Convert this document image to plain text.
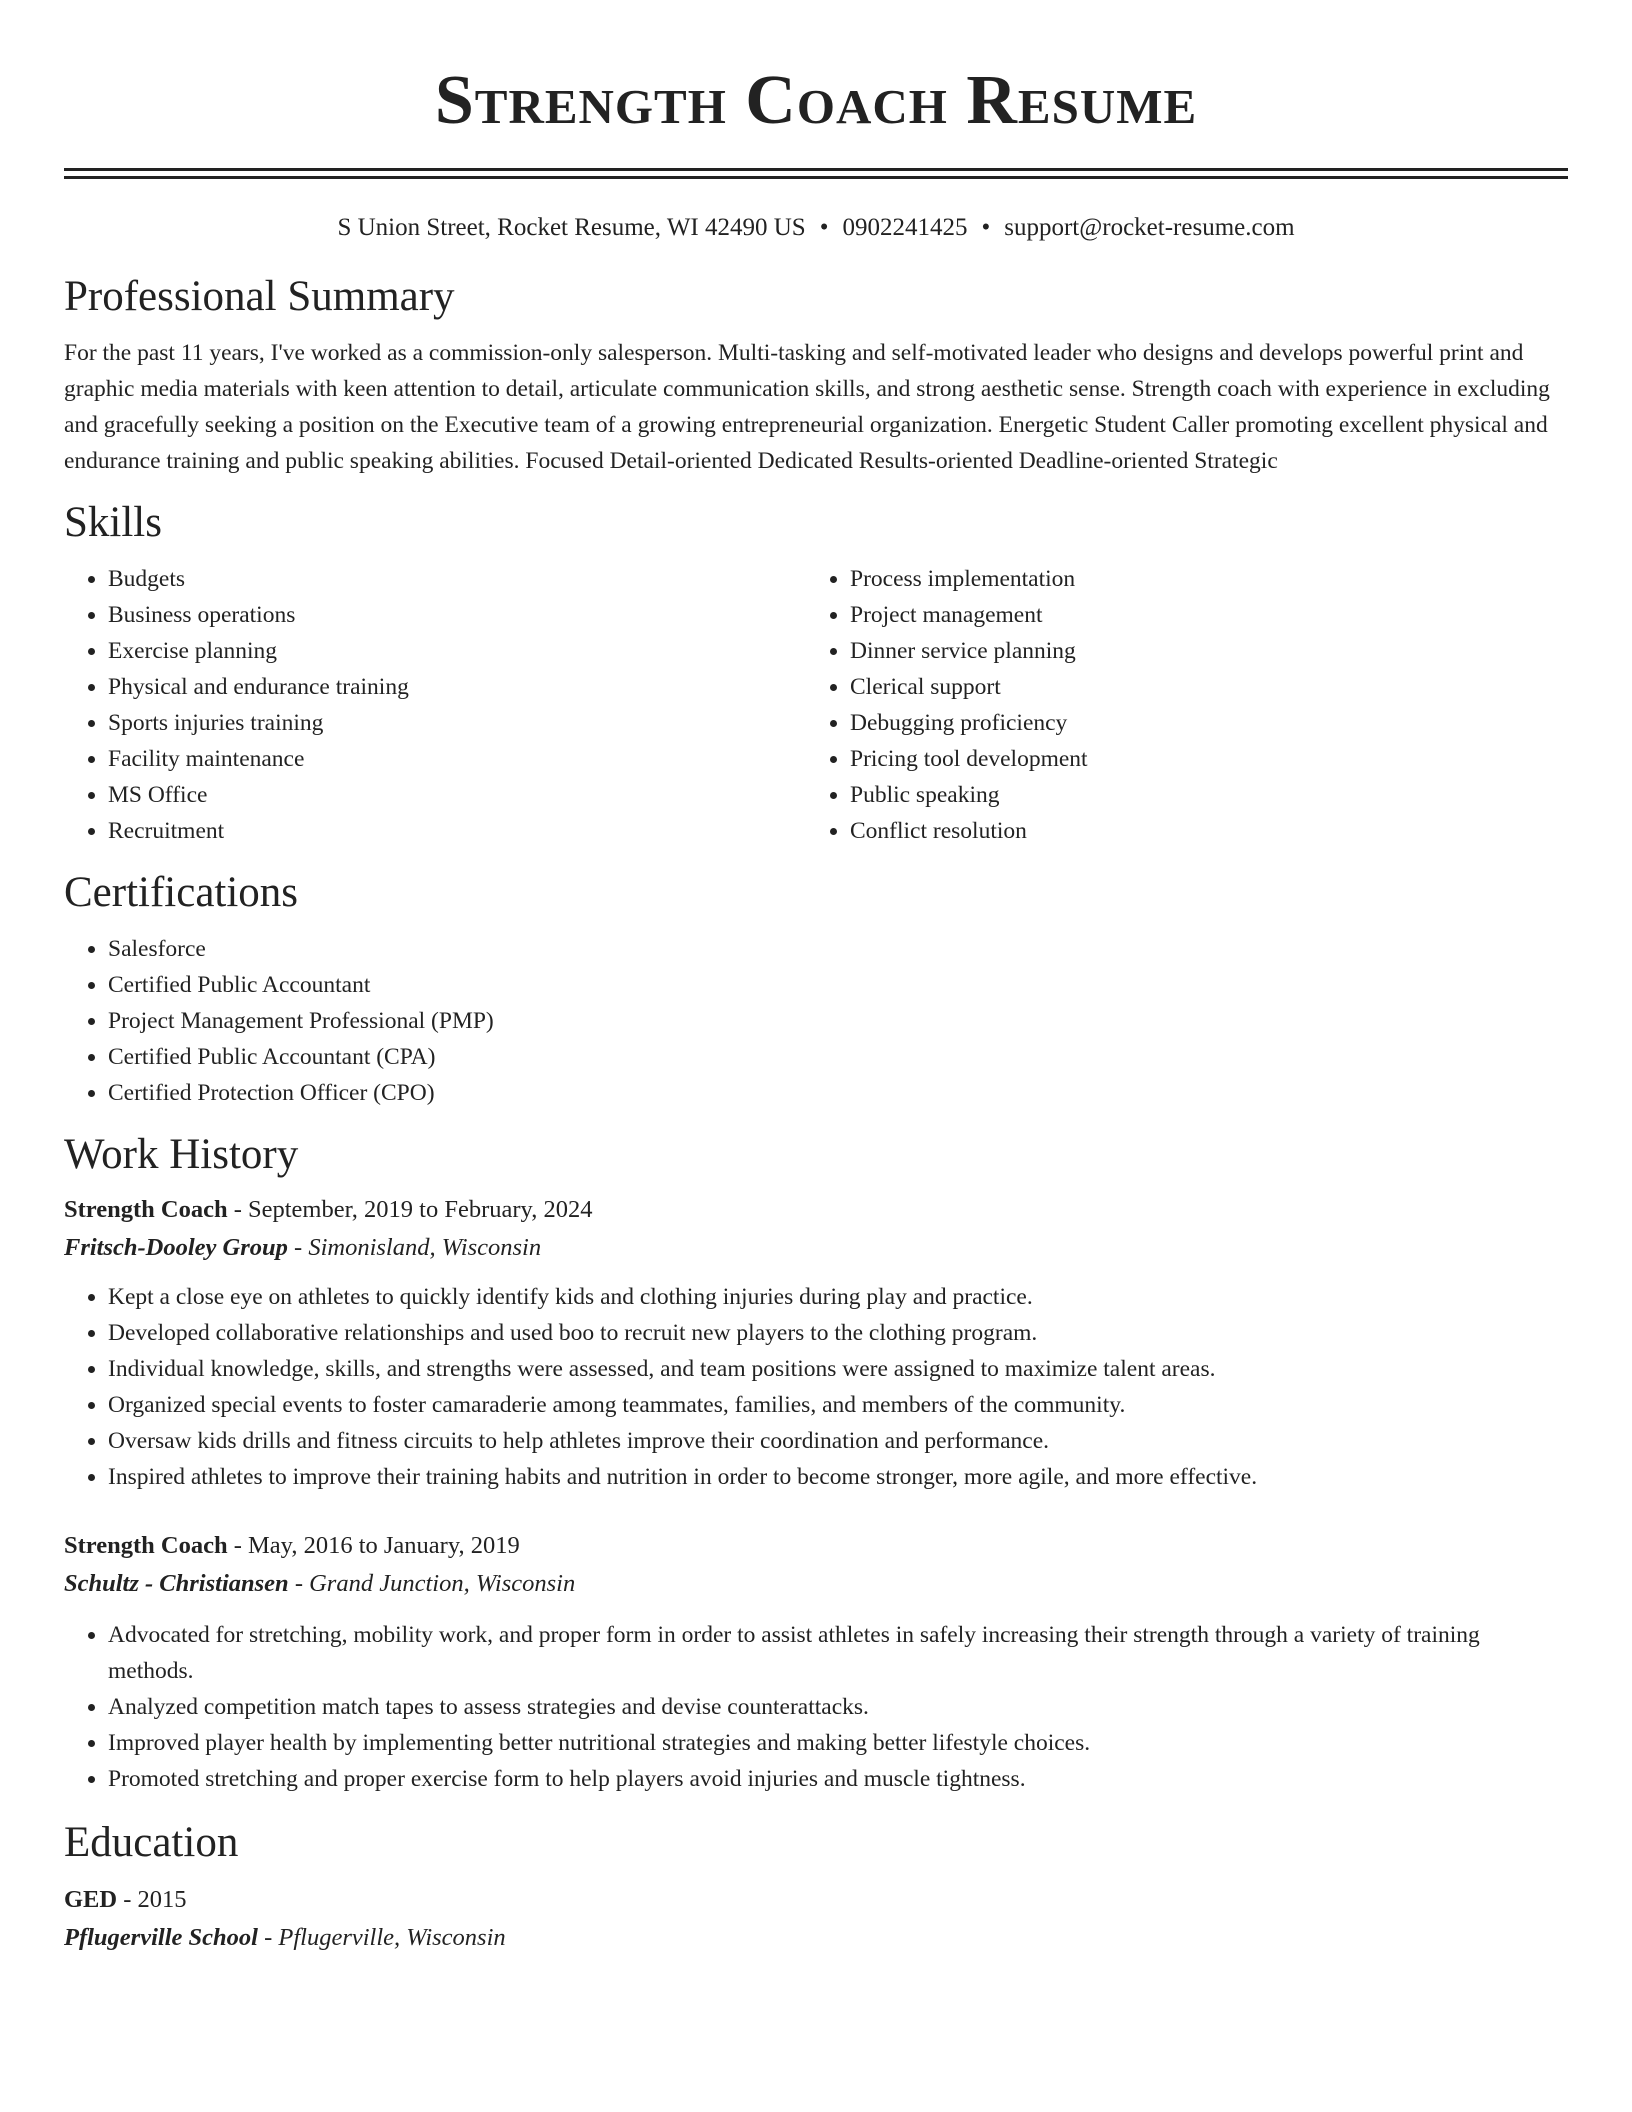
Strength Coach Resume
S Union Street, Rocket Resume, WI 42490 US • 0902241425 • support@rocket-resume.com
Professional Summary

For the past 11 years, I've worked as a commission-only salesperson. Multi-tasking and self-motivated leader who designs and develops powerful print and graphic media materials with keen attention to detail, articulate communication skills, and strong aesthetic sense. Strength coach with experience in excluding and gracefully seeking a position on the Executive team of a growing entrepreneurial organization. Energetic Student Caller promoting excellent physical and endurance training and public speaking abilities. Focused Detail-oriented Dedicated Results-oriented Deadline-oriented Strategic

Skills
• Budgets
• Business operations
• Exercise planning
• Physical and endurance training
• Sports injuries training
• Facility maintenance
• MS Office
• Recruitment
• Process implementation
• Project management
• Dinner service planning
• Clerical support
• Debugging proficiency
• Pricing tool development
• Public speaking
• Conflict resolution
Certifications
• Salesforce
• Certified Public Accountant
• Project Management Professional (PMP)
• Certified Public Accountant (CPA)
• Certified Protection Officer (CPO)
Work History
Strength Coach - September, 2019 to February, 2024
Fritsch-Dooley Group - Simonisland, Wisconsin
• Kept a close eye on athletes to quickly identify kids and clothing injuries during play and practice.
• Developed collaborative relationships and used boo to recruit new players to the clothing program.
• Individual knowledge, skills, and strengths were assessed, and team positions were assigned to maximize talent areas.
• Organized special events to foster camaraderie among teammates, families, and members of the community.
• Oversaw kids drills and fitness circuits to help athletes improve their coordination and performance.
• Inspired athletes to improve their training habits and nutrition in order to become stronger, more agile, and more effective.
Strength Coach - May, 2016 to January, 2019
Schultz - Christiansen - Grand Junction, Wisconsin
• Advocated for stretching, mobility work, and proper form in order to assist athletes in safely increasing their strength through a variety of training methods.
• Analyzed competition match tapes to assess strategies and devise counterattacks.
• Improved player health by implementing better nutritional strategies and making better lifestyle choices.
• Promoted stretching and proper exercise form to help players avoid injuries and muscle tightness.
Education
GED - 2015
Pflugerville School - Pflugerville, Wisconsin
